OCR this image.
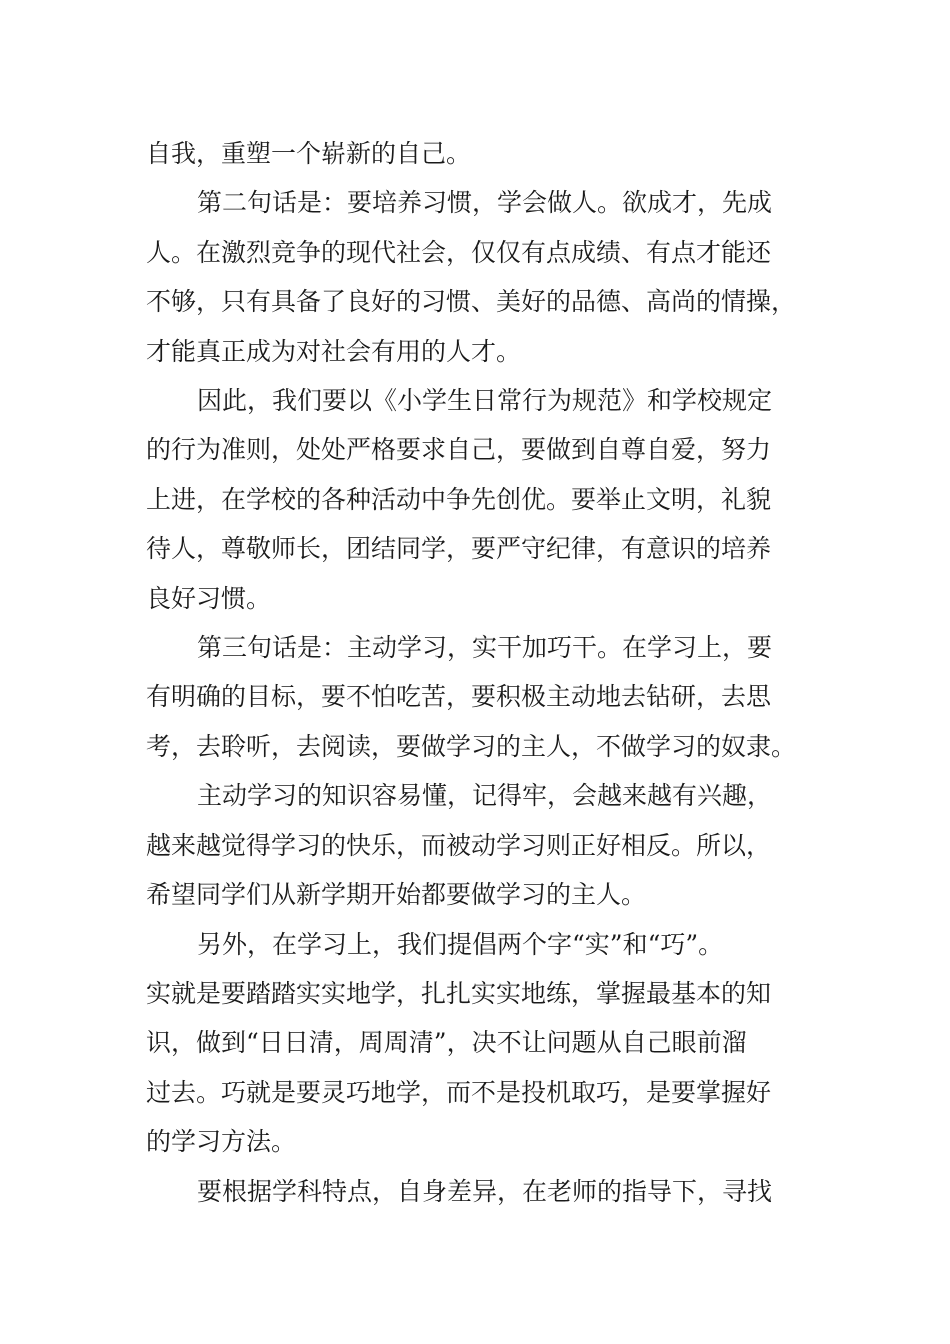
自我，重塑一个崭新的自己。
第二句话是：要培养习惯，学会做人。欲成才，先成
人。在激烈竞争的现代社会，仅仅有点成绩、有点才能还
不够，只有具备了良好的习惯、美好的品德、高尚的情操，
才能真正成为对社会有用的人才。
因此，我们要以《小学生日常行为规范》和学校规定
的行为准则，处处严格要求自己，要做到自尊自爱，努力
上进，在学校的各种活动中争先创优。要举止文明，礼貌
待人，尊敬师长，团结同学，要严守纪律，有意识的培养
良好习惯。
第三句话是：主动学习，实干加巧干。在学习上，要
有明确的目标，要不怕吃苦，要积极主动地去钻研，去思
考，去聆听，去阅读，要做学习的主人，不做学习的奴隶。
主动学习的知识容易懂，记得牢，会越来越有兴趣，
越来越觉得学习的快乐，而被动学习则正好相反。所以，
希望同学们从新学期开始都要做学习的主人。
另外，在学习上，我们提倡两个字“实”和“巧”。
实就是要踏踏实实地学，扎扎实实地练，掌握最基本的知
识，做到“日日清，周周清”，决不让问题从自己眼前溜
过去。巧就是要灵巧地学，而不是投机取巧，是要掌握好
的学习方法。
要根据学科特点，自身差异，在老师的指导下，寻找
